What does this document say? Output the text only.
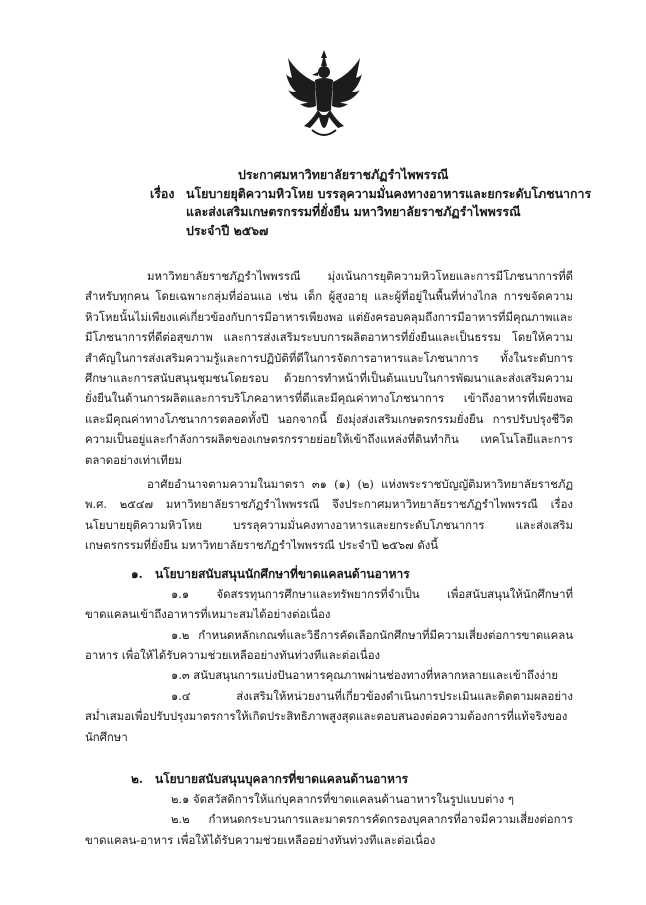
ประกาศมหาวิทยาลัยราชภัฏรำไพพรรณี
เรื่อง นโยบายยุติความหิวโหย บรรลุความมั่นคงทางอาหารและยกระดับโภชนาการ
และส่งเสริมเกษตรกรรมที่ยั่งยืน มหาวิทยาลัยราชภัฏรำไพพรรณี
ประจำปี ๒๕๖๗

มหาวิทยาลัยราชภัฏรำไพพรรณี มุ่งเน้นการยุติความหิวโหยและการมีโภชนาการที่ดี สำหรับทุกคน โดยเฉพาะกลุ่มที่อ่อนแอ เช่น เด็ก ผู้สูงอายุ และผู้ที่อยู่ในพื้นที่ห่างไกล การขจัดความหิวโหยนั้นไม่เพียงแค่เกี่ยวข้องกับการมีอาหารเพียงพอ แต่ยังครอบคลุมถึงการมีอาหารที่มีคุณภาพและมีโภชนาการที่ดีต่อสุขภาพ และการส่งเสริมระบบการผลิตอาหารที่ยั่งยืนและเป็นธรรม โดยให้ความสำคัญในการส่งเสริมความรู้และการปฏิบัติที่ดีในการจัดการอาหารและโภชนาการ ทั้งในระดับการศึกษาและการสนับสนุนชุมชนโดยรอบ ด้วยการทำหน้าที่เป็นต้นแบบในการพัฒนาและส่งเสริมความยั่งยืนในด้านการผลิตและการบริโภคอาหารที่ดีและมีคุณค่าทางโภชนาการ เข้าถึงอาหารที่เพียงพอและมีคุณค่าทางโภชนาการตลอดทั้งปี นอกจากนี้ ยังมุ่งส่งเสริมเกษตรกรรมยั่งยืน การปรับปรุงชีวิตความเป็นอยู่และกำลังการผลิตของเกษตรกรรายย่อยให้เข้าถึงแหล่งที่ดินทำกิน เทคโนโลยีและการตลาดอย่างเท่าเทียม

อาศัยอำนาจตามความในมาตรา ๓๑ (๑) (๒) แห่งพระราชบัญญัติมหาวิทยาลัยราชภัฏ พ.ศ. ๒๕๔๗ มหาวิทยาลัยราชภัฏรำไพพรรณี จึงประกาศมหาวิทยาลัยราชภัฏรำไพพรรณี เรื่อง นโยบายยุติความหิวโหย บรรลุความมั่นคงทางอาหารและยกระดับโภชนาการ และส่งเสริมเกษตรกรรมที่ยั่งยืน มหาวิทยาลัยราชภัฏรำไพพรรณี ประจำปี ๒๕๖๗ ดังนี้

๑. นโยบายสนับสนุนนักศึกษาที่ขาดแคลนด้านอาหาร

๑.๑ จัดสรรทุนการศึกษาและทรัพยากรที่จำเป็น เพื่อสนับสนุนให้นักศึกษาที่ขาดแคลนเข้าถึงอาหารที่เหมาะสมได้อย่างต่อเนื่อง

๑.๒ กำหนดหลักเกณฑ์และวิธีการคัดเลือกนักศึกษาที่มีความเสี่ยงต่อการขาดแคลนอาหาร เพื่อให้ได้รับความช่วยเหลืออย่างทันท่วงทีและต่อเนื่อง

๑.๓ สนับสนุนการแบ่งปันอาหารคุณภาพผ่านช่องทางที่หลากหลายและเข้าถึงง่าย

๑.๔ ส่งเสริมให้หน่วยงานที่เกี่ยวข้องดำเนินการประเมินและติดตามผลอย่างสม่ำเสมอเพื่อปรับปรุงมาตรการให้เกิดประสิทธิภาพสูงสุดและตอบสนองต่อความต้องการที่แท้จริงของนักศึกษา

๒. นโยบายสนับสนุนบุคลากรที่ขาดแคลนด้านอาหาร

๒.๑ จัดสวัสดิการให้แก่บุคลากรที่ขาดแคลนด้านอาหารในรูปแบบต่าง ๆ

๒.๒ กำหนดกระบวนการและมาตรการคัดกรองบุคลากรที่อาจมีความเสี่ยงต่อการขาดแคลน-อาหาร เพื่อให้ได้รับความช่วยเหลืออย่างทันท่วงทีและต่อเนื่อง
